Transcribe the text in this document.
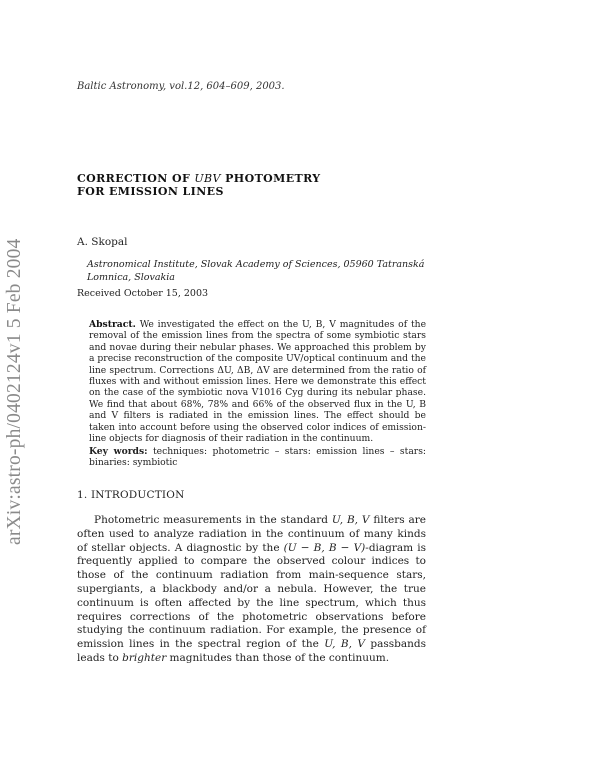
Baltic Astronomy, vol.12, 604–609, 2003.
arXiv:astro-ph/0402124v1 5 Feb 2004
CORRECTION OF UBV PHOTOMETRY
FOR EMISSION LINES
A. Skopal
Astronomical Institute, Slovak Academy of Sciences, 05960 Tatranská Lomnica, Slovakia
Received October 15, 2003
Abstract. We investigated the effect on the U, B, V magnitudes of the removal of the emission lines from the spectra of some symbiotic stars and novae during their nebular phases. We approached this problem by a precise reconstruction of the composite UV/optical continuum and the line spectrum. Corrections ΔU, ΔB, ΔV are determined from the ratio of fluxes with and without emission lines. Here we demonstrate this effect on the case of the symbiotic nova V1016 Cyg during its nebular phase. We find that about 68%, 78% and 66% of the observed flux in the U, B and V filters is radiated in the emission lines. The effect should be taken into account before using the observed color indices of emission-line objects for diagnosis of their radiation in the continuum.
Key words: techniques: photometric – stars: emission lines – stars: binaries: symbiotic
1. INTRODUCTION

Photometric measurements in the standard U, B, V filters are often used to analyze radiation in the continuum of many kinds of stellar objects. A diagnostic by the (U − B, B − V)-diagram is frequently applied to compare the observed colour indices to those of the continuum radiation from main-sequence stars, supergiants, a blackbody and/or a nebula. However, the true continuum is often affected by the line spectrum, which thus requires corrections of the photometric observations before studying the continuum radiation. For example, the presence of emission lines in the spectral region of the U, B, V passbands leads to brighter magnitudes than those of the continuum.
